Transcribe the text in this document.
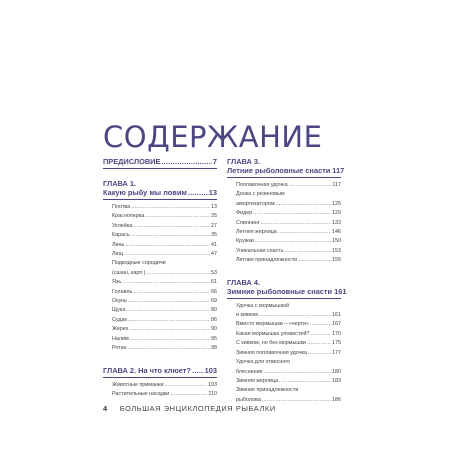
СОДЕРЖАНИЕ
ПРЕДИСЛОВИЕ .....	7
ГЛАВА 1.
Какую рыбу мы ловим .....	13
Плотва .....	13
Красноперка .....	25
Уклейка .....	27
Карась .....	35
Линь .....	41
Лещ .....	47
Подводные сородичи
(сазан, карп ) .....	53
Язь .....	61
Голавль .....	66
Окунь .....	69
Щука .....	80
Судак .....	86
Жерех .....	90
Налим .....	95
Ротан .....	98
ГЛАВА 2. На что клюет? ..... 103
Животные приманки .....	103
Растительные насадки .....	110
ГЛАВА 3.
Летние рыболовные снасти 117
Поплавочная удочка .....	117
Донка с резиновым
амортизатором .....	125
Фидер .....	129
Спиннинг .....	133
Летняя жерлица .....	146
Кружки .....	150
Уникальная снасть .....	153
Летние принадлежности .....	155
ГЛАВА 4.
Зимние рыболовные снасти 161
Удочка с мормышкой
и кивком .....	161
Вместо мормышки – «черти» .....	167
Какая мормышка уловистей? .....	170
С кивком, но без мормышки .....	175
Зимняя поплавочная удочка .....	177
Удочка для отвесного
блеснения .....	180
Зимняя жерлица .....	183
Зимние принадлежности
рыболова .....	186
4 БОЛЬШАЯ ЭНЦИКЛОПЕДИЯ РЫБАЛКИ
